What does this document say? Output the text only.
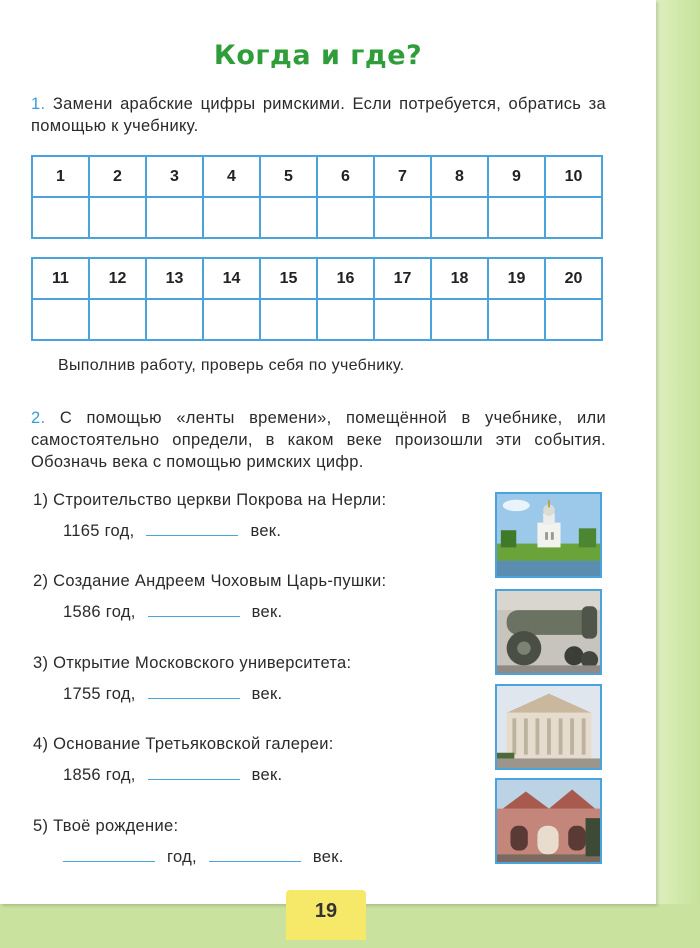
Когда и где?
1. Замени арабские цифры римскими. Если потребуется, обратись за помощью к учебнику.
1	2	3	4	5	6	7	8	9	10

11	12	13	14	15	16	17	18	19	20

Выполнив работу, проверь себя по учебнику.
2. С помощью «ленты времени», помещённой в учебнике, или самостоятельно определи, в каком веке произошли эти события. Обозначь века с помощью римских цифр.
1) Строительство церкви Покрова на Нерли:
1165 год,	век.
2) Создание Андреем Чоховым Царь-пушки:
1586 год,	век.
3) Открытие Московского университета:
1755 год,	век.
4) Основание Третьяковской галереи:
1856 год,	век.
5) Твоё рождение:
год,	век.
19
